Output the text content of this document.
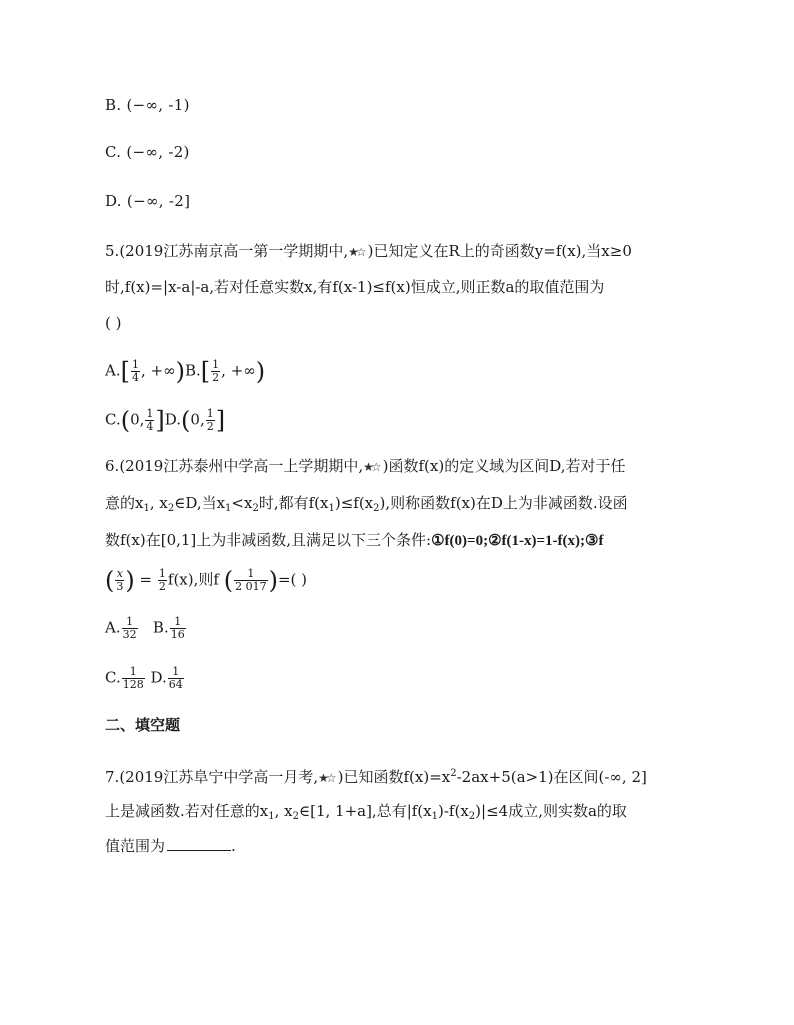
B. (−∞, -1)
C. (−∞, -2)
D. (−∞, -2]
5.(2019江苏南京高一第一学期期中,★☆ )已知定义在R上的奇函数y=f(x),当x≥0
时,f(x)=|x-a|-a,若对任意实数x,有f(x-1)≤f(x)恒成立,则正数a的取值范围为
( )
$A.[ \frac{1}{4}$ , $+\infty)B.[ \frac{1}{2}$ , +∞)
C.(0, $\frac{1}{4} ]D.(0$, $\frac{1}{2}$ ]
6.(2019江苏泰州中学高一上学期期中,★☆ )函数f(x)的定义域为区间D,若对于任
意的$x_1$, $x_2\in D$,当$x_1<x_2$时,都有$f(x_1)\le f(x_2)$,则称函数f(x)在D上为非减函数.设函
数f(x)在[0,1]上为非减函数,且满足以下三个条件:①f(0)=0;②f(1-x)=1-f(x);③f
( $\frac{x}{3}$ ) = $\frac{1}{2} f(x)$,则f ( $\frac{1}{2 017}$ )=( )
A. $\frac{1}{32} B$. $\frac{1}{16}$
C. $\frac{1}{128} D$. $\frac{1}{64}$
二、填空题
7.(2019江苏阜宁中学高一月考,★☆ )已知函数$f(x)=x^2-2ax+5(a>1)$在区间(-∞, 2]
上是减函数.若对任意的$x_1$, $x_2\in[1$, 1+a],总有$|f(x_1)-f(x_2)|\le 4$成立,则实数a的取
值范围为	.
